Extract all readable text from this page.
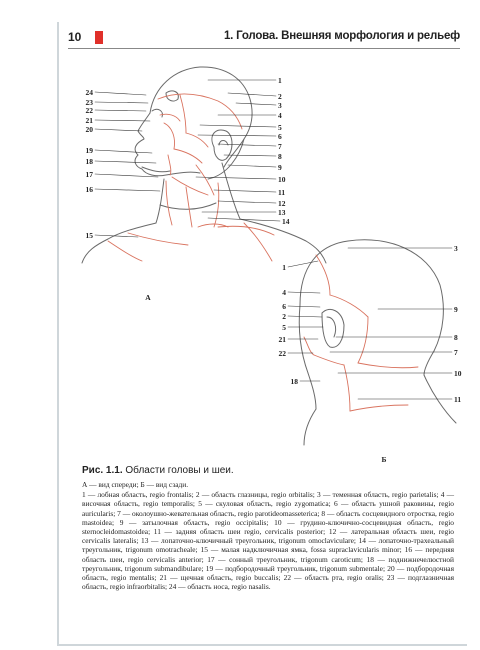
10	1. Голова. Внешняя морфология и рельеф
24
23
22
21
20
19
18
17
16
15
1
2
3
4
5
6
7
8
9
10
11
12
13
14
А
1
4
6
2
5
21
22
18
3
9
8
7
10
11
Б
Рис. 1.1. Области головы и шеи.

А — вид спереди; Б — вид сзади.

1 — лобная область, regio frontalis; 2 — область глазницы, regio orbitalis; 3 — теменная область, regio parietalis; 4 — височная область, regio temporalis; 5 — скуловая область, regio zygomatica; 6 — область ушной раковины, regio auricularis; 7 — околоушно-жевательная область, regio parotideomasseterica; 8 — область сосцевидного отростка, regio mastoidea; 9 — затылочная область, regio occipitalis; 10 — грудино-ключично-сосцевидная область, regio sternocleidomastoidea; 11 — задняя область шеи regio, cervicalis posterior; 12 — латеральная область шеи, regio cervicalis lateralis; 13 — лопаточно-ключичный треугольник, trigonum omoclaviculare; 14 — лопаточно-трахеальный треугольник, trigonum omotracheale; 15 — малая надключичная ямка, fossa supraclavicularis minor; 16 — передняя область шеи, regio cervicalis anterior; 17 — сонный треугольник, trigonum caroticum; 18 — поднижнечелюстной треугольник, trigonum submandibulare; 19 — подбородочный треугольник, trigonum submentale; 20 — подбородочная область, regio mentalis; 21 — щечная область, regio buccalis; 22 — область рта, regio oralis; 23 — подглазничная область, regio infraorbitalis; 24 — область носа, regio nasalis.
